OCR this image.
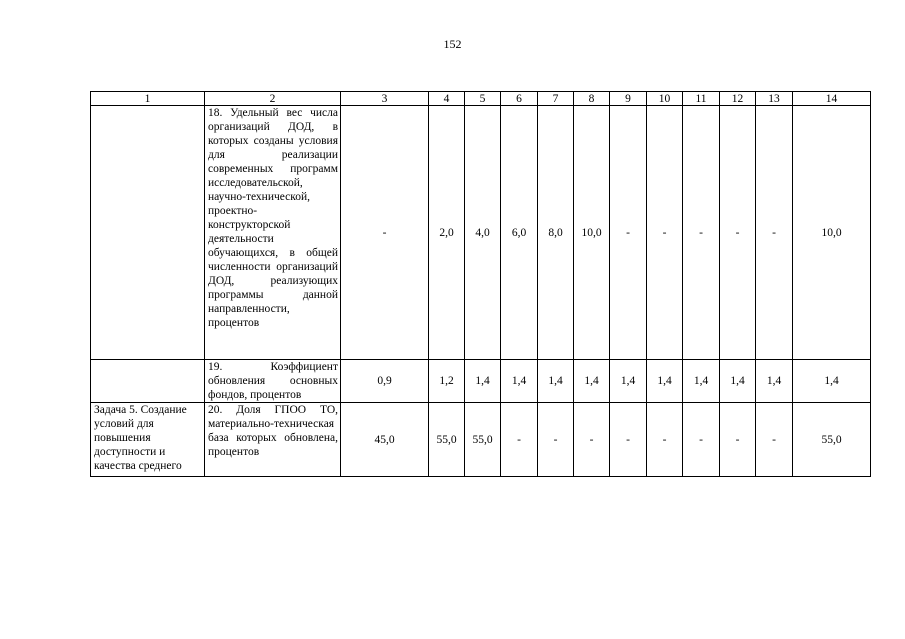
152
1	2	3	4	5	6	7	8	9	10	11	12	13	14
	18. Удельный вес числа организаций ДОД, в которых созданы условия для реализации современных программ исследовательской, научно-технической, проектно-конструкторской деятельности обучающихся, в общей численности организаций ДОД, реализующих программы данной направленности, процентов	-	2,0	4,0	6,0	8,0	10,0	-	-	-	-	-	10,0
	19. Коэффициент обновления основных фондов, процентов	0,9	1,2	1,4	1,4	1,4	1,4	1,4	1,4	1,4	1,4	1,4	1,4
Задача 5. Создание условий для повышения доступности и качества среднего	20. Доля ГПОО ТО, материально-техническая база которых обновлена, процентов	45,0	55,0	55,0	-	-	-	-	-	-	-	-	55,0
